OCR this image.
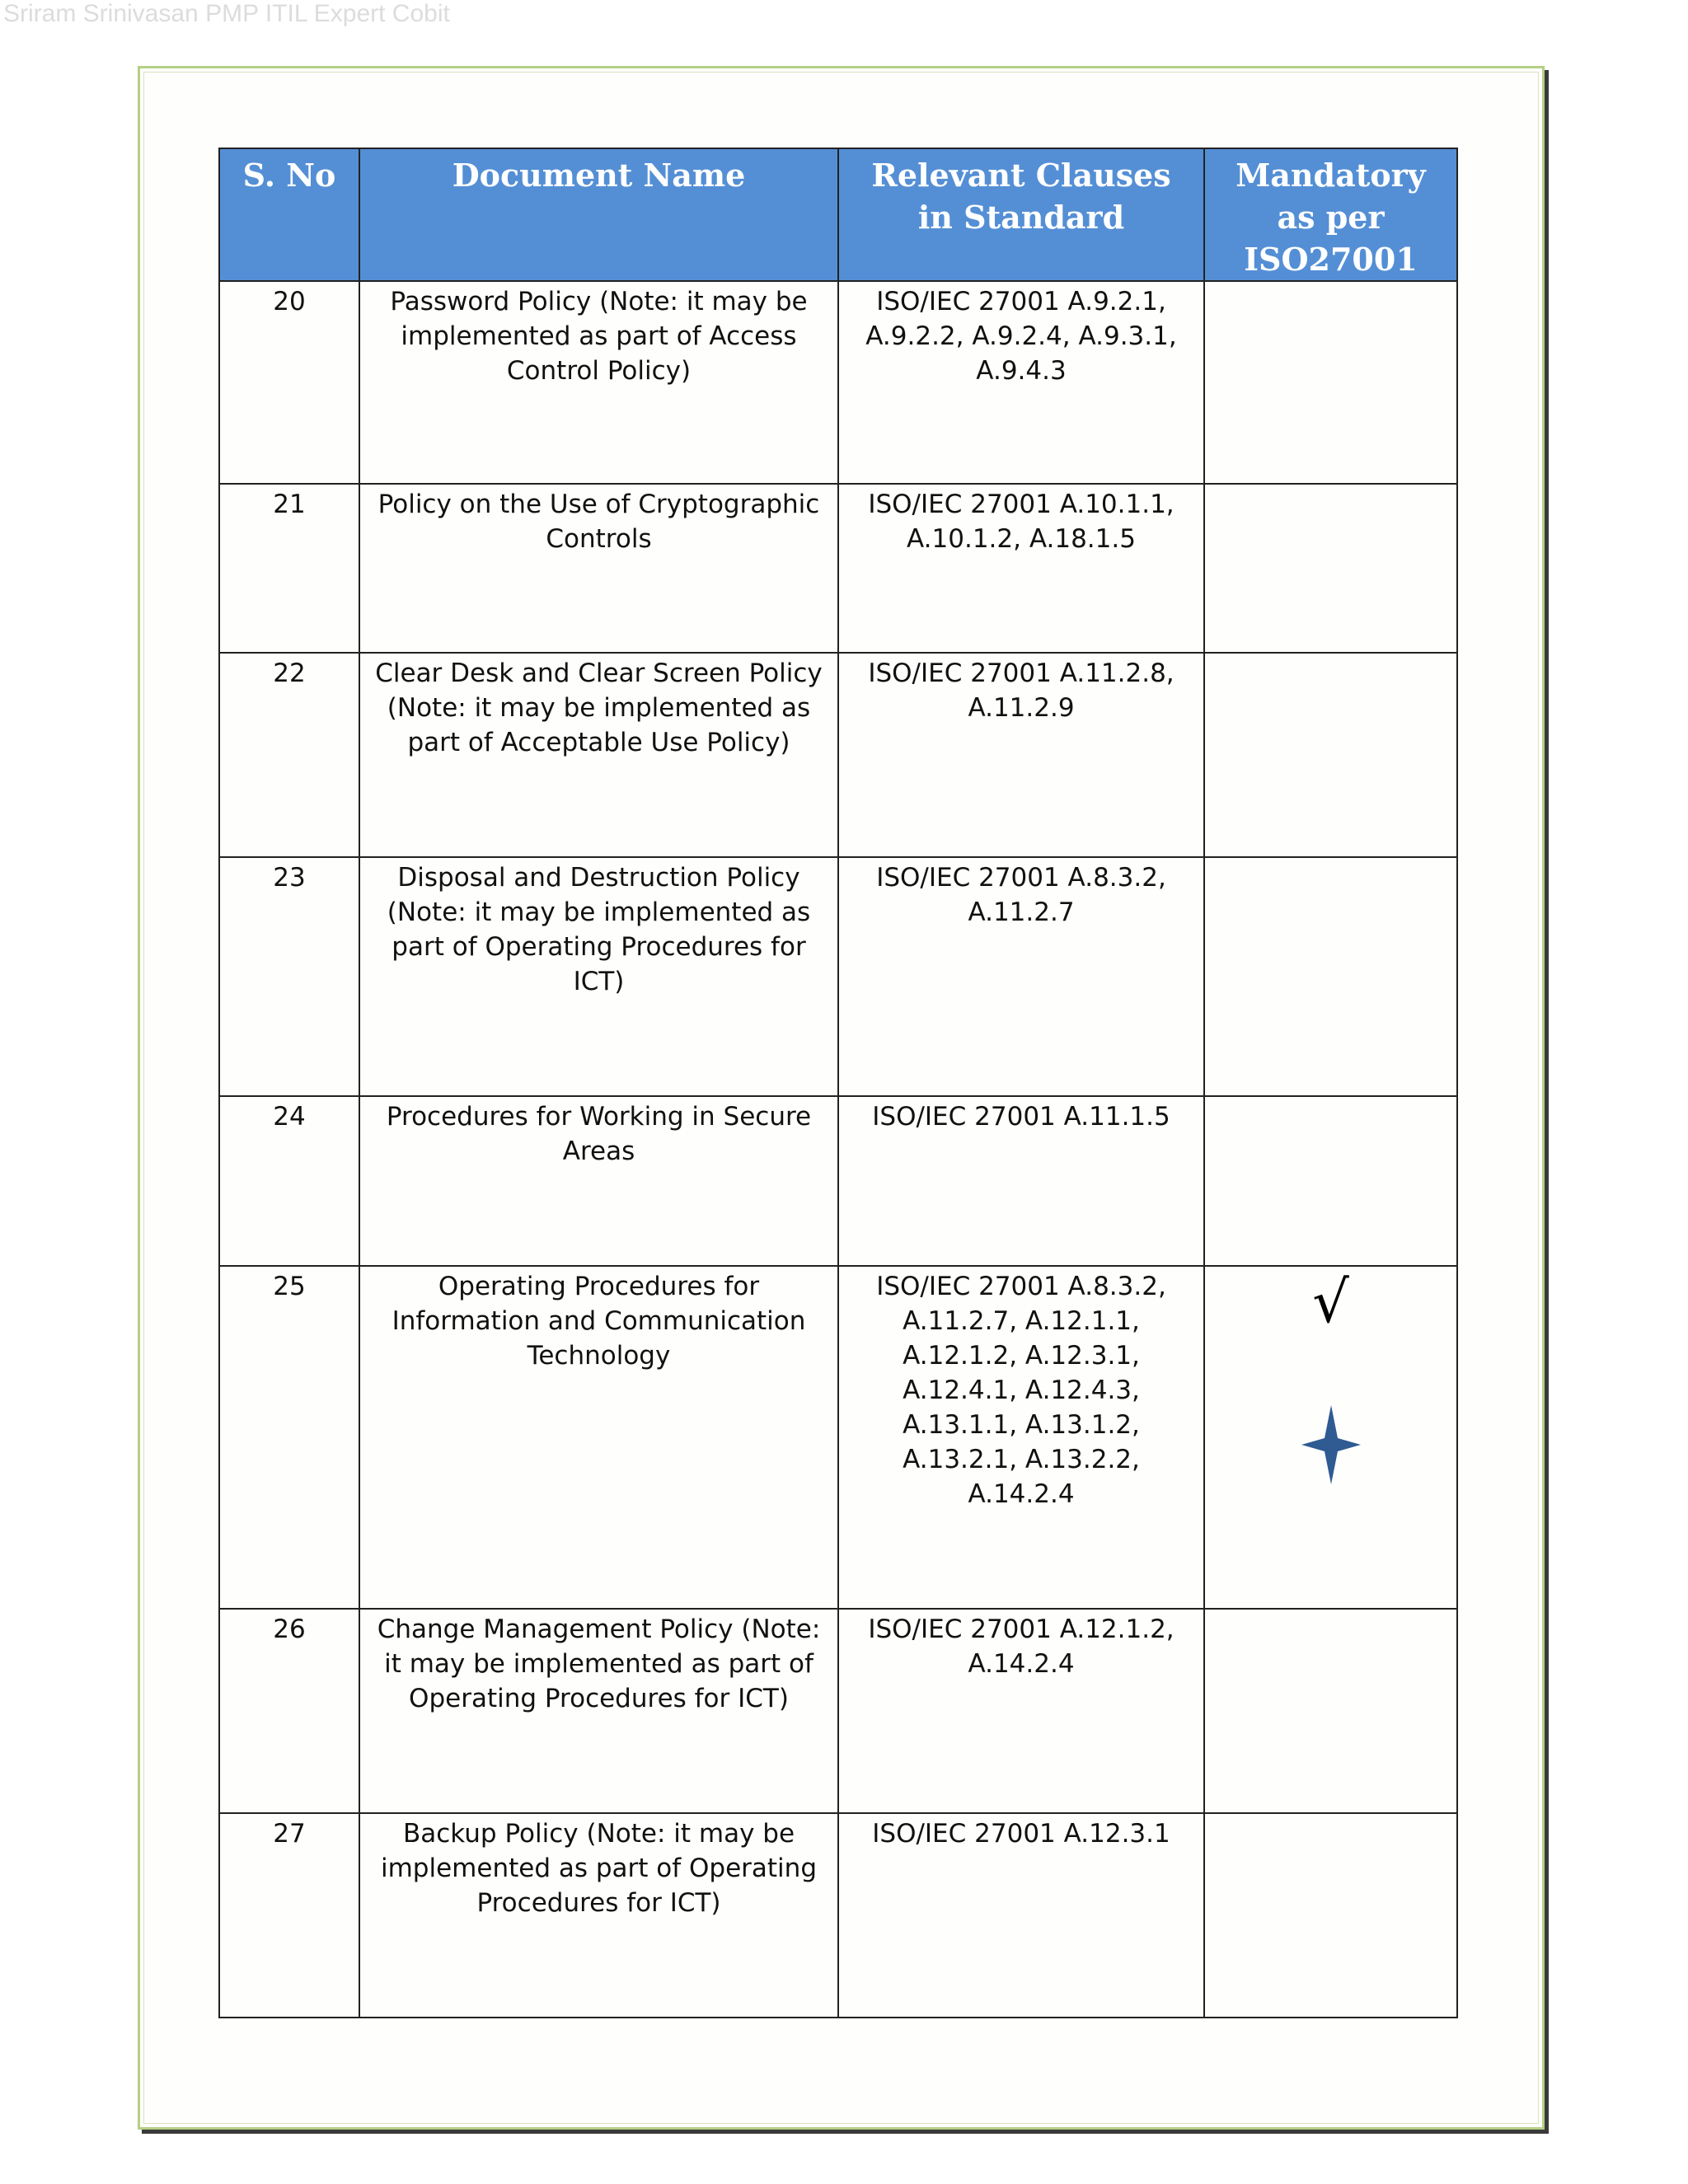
Sriram Srinivasan PMP ITIL Expert Cobit
S. No	Document Name	Relevant Clauses in Standard	Mandatory as per ISO27001
20	Password Policy (Note: it may be implemented as part of Access Control Policy)	ISO/IEC 27001 A.9.2.1, A.9.2.2, A.9.2.4, A.9.3.1, A.9.4.3	
21	Policy on the Use of Cryptographic Controls	ISO/IEC 27001 A.10.1.1, A.10.1.2, A.18.1.5	
22	Clear Desk and Clear Screen Policy (Note: it may be implemented as part of Acceptable Use Policy)	ISO/IEC 27001 A.11.2.8, A.11.2.9	
23	Disposal and Destruction Policy (Note: it may be implemented as part of Operating Procedures for ICT)	ISO/IEC 27001 A.8.3.2, A.11.2.7	
24	Procedures for Working in Secure Areas	ISO/IEC 27001 A.11.1.5	
25	Operating Procedures for Information and Communication Technology	ISO/IEC 27001 A.8.3.2, A.11.2.7, A.12.1.1, A.12.1.2, A.12.3.1, A.12.4.1, A.12.4.3, A.13.1.1, A.13.1.2, A.13.2.1, A.13.2.2, A.14.2.4	√

26	Change Management Policy (Note: it may be implemented as part of Operating Procedures for ICT)	ISO/IEC 27001 A.12.1.2, A.14.2.4	
27	Backup Policy (Note: it may be implemented as part of Operating Procedures for ICT)	ISO/IEC 27001 A.12.3.1	
